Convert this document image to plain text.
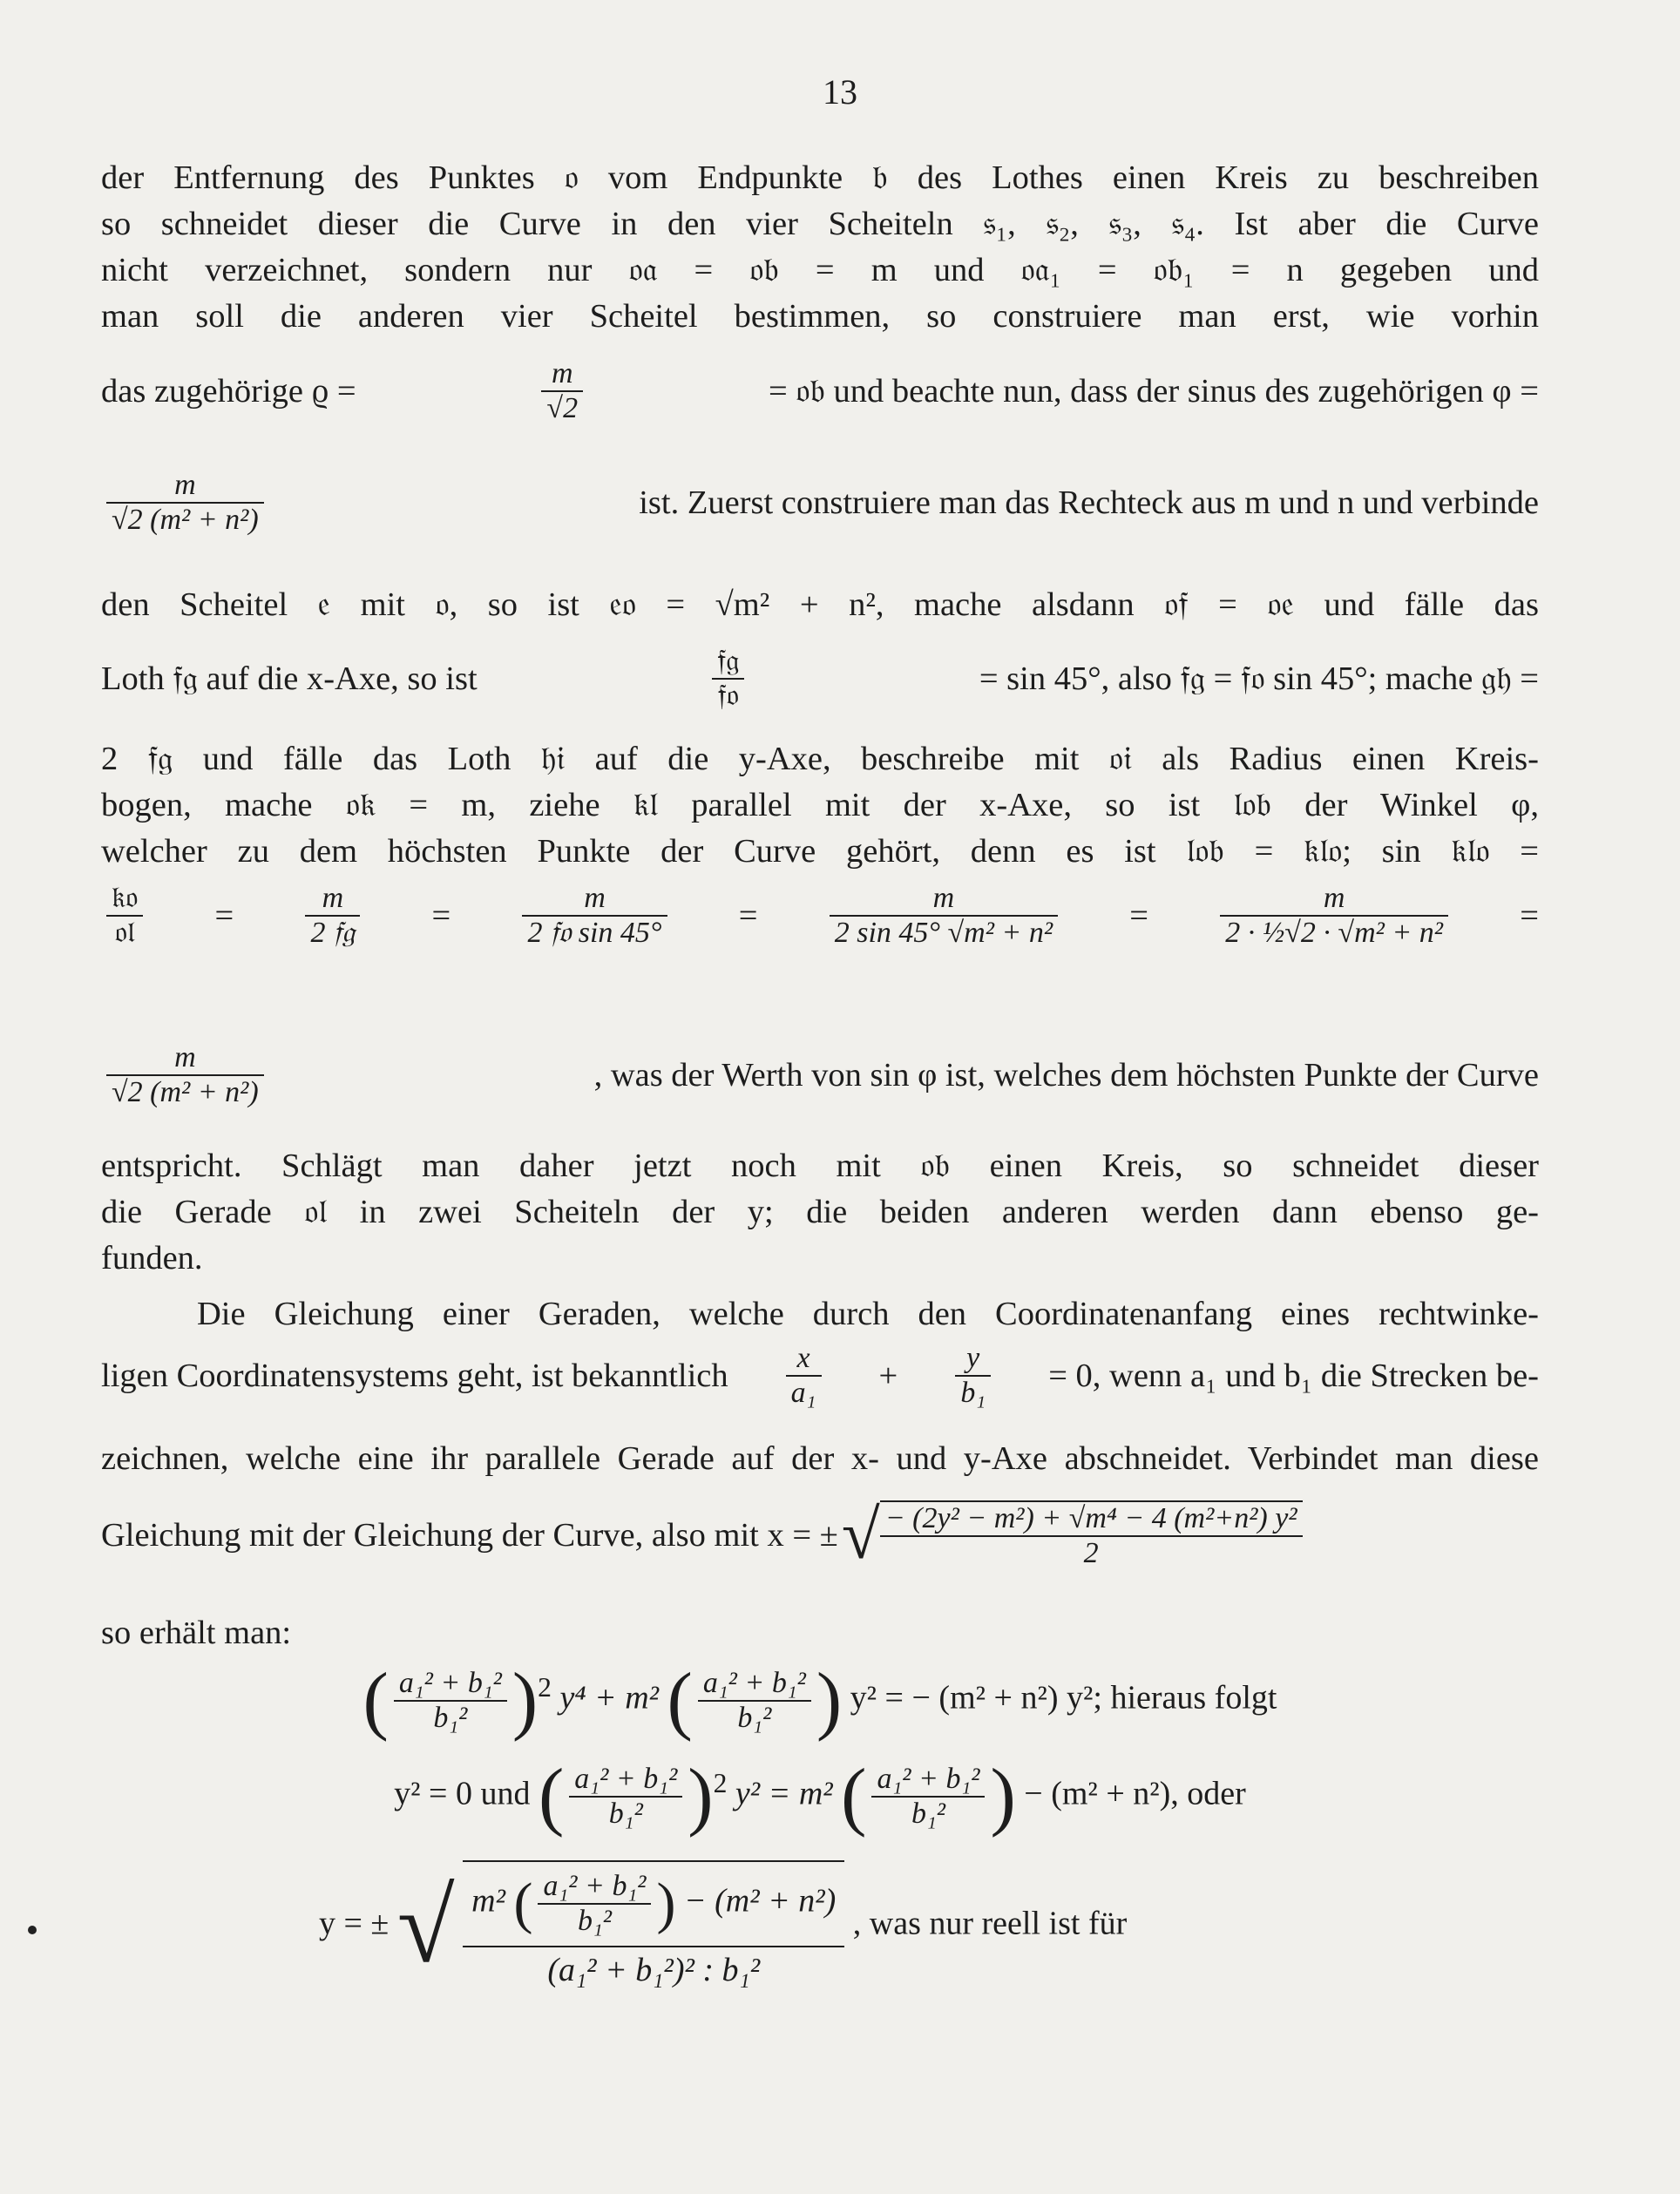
13
der Entfernung des Punktes 𝔬 vom Endpunkte 𝔟 des Lothes einen Kreis zu beschreiben
so schneidet dieser die Curve in den vier Scheiteln 𝔰₁, 𝔰₂, 𝔰₃, 𝔰₄. Ist aber die Curve
nicht verzeichnet, sondern nur 𝔬𝔞 = 𝔬𝔟 = m und 𝔬𝔞₁ = 𝔬𝔟₁ = n gegeben und
man soll die anderen vier Scheitel bestimmen, so construiere man erst, wie vorhin
das zugehörige ϱ =	$\frac{m}{√2}$	= 𝔬𝔟 und beachte nun, dass der sinus des zugehörigen φ =
$\frac{m}{\text{√2 (m² + n²)}}$	ist. Zuerst construiere man das Rechteck aus m und n und verbinde
den Scheitel 𝔢 mit 𝔬, so ist 𝔢𝔬 = √m² + n², mache alsdann 𝔬𝔣 = 𝔬𝔢 und fälle das
Loth 𝔣𝔤 auf die x-Axe, so ist	$\frac{\text{𝔣𝔤}}{\text{𝔣𝔬}}$	= sin 45°, also 𝔣𝔤 = 𝔣𝔬 sin 45°; mache 𝔤𝔥 =
2 𝔣𝔤 und fälle das Loth 𝔥𝔦 auf die y-Axe, beschreibe mit 𝔬𝔦 als Radius einen Kreis-
bogen, mache 𝔬𝔨 = m, ziehe 𝔨𝔩 parallel mit der x-Axe, so ist 𝔩𝔬𝔟 der Winkel φ,
welcher zu dem höchsten Punkte der Curve gehört, denn es ist 𝔩𝔬𝔟 = 𝔨𝔩𝔬; sin 𝔨𝔩𝔬 =
$\frac{\text{𝔨𝔬}}{\text{𝔬𝔩}} = \frac{m}{\text{2 𝔣𝔤}} = \frac{m}{\text{2 𝔣𝔬 sin 45°}} = \frac{m}{\text{2 sin 45° √m² + n²}} = \frac{m}{\text{2 · ½√2 · √m² + n²}}$ =
$\frac{m}{\text{√2 (m² + n²)}}$	, was der Werth von sin φ ist, welches dem höchsten Punkte der Curve
entspricht. Schlägt man daher jetzt noch mit 𝔬𝔟 einen Kreis, so schneidet dieser
die Gerade 𝔬𝔩 in zwei Scheiteln der y; die beiden anderen werden dann ebenso ge-
funden.
Die Gleichung einer Geraden, welche durch den Coordinatenanfang eines rechtwinke-
ligen Coordinatensystems geht, ist bekanntlich $\frac{x}{\text{a₁}} + \frac{y}{\text{b₁}} = 0$, wenn a₁ und b₁ die Strecken be-
zeichnen, welche eine ihr parallele Gerade auf der x- und y-Axe abschneidet. Verbindet man diese
Gleichung mit der Gleichung der Curve, also mit x = ± √ $\frac{\text{− (2y² − m²) + √m⁴ − 4 (m²+n²) y²}}{2}$
so erhält man:
( $\frac{\text{a₁² + b₁²}}{\text{b₁²}} )^2$ y⁴ + m² ( $\frac{\text{a₁² + b₁²}}{\text{b₁²}}$ ) y² = − (m² + n²) y²; hieraus folgt
y² = 0 und ( $\frac{\text{a₁² + b₁²}}{\text{b₁²}} )^2$ y² = m² ( $\frac{\text{a₁² + b₁²}}{\text{b₁²}}$ ) − (m² + n²), oder
y = ± √ $\frac{m^2 ( \frac{\text{a₁² + b₁²}}{\text{b₁²}} ) - (m^2 + n^2)}{\text{(a₁² + b₁²)² : b₁²}}$ , was nur reell ist für
